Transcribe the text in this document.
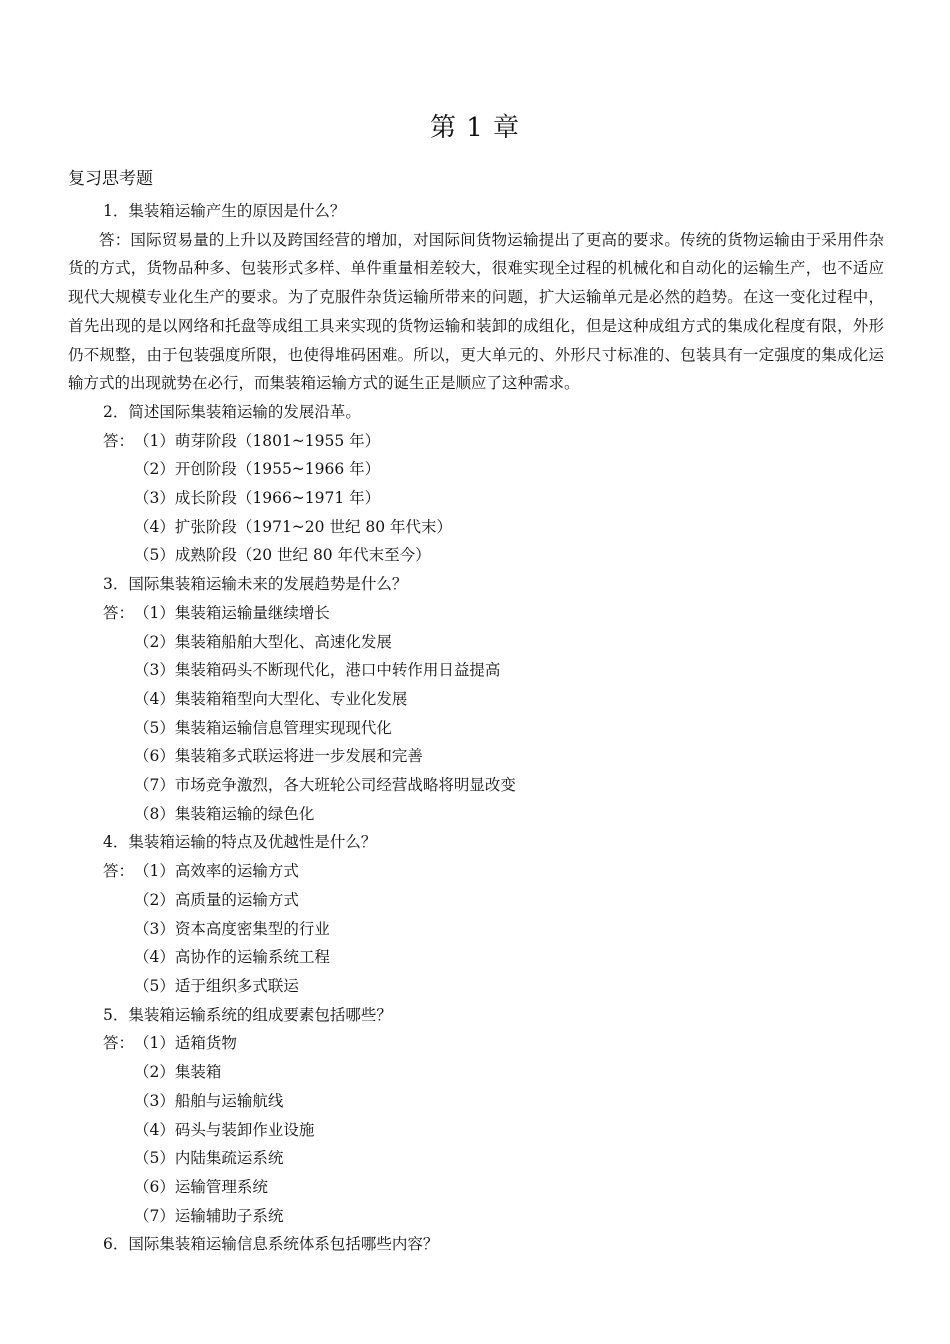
第 1 章
复习思考题
1．集装箱运输产生的原因是什么？

答：国际贸易量的上升以及跨国经营的增加，对国际间货物运输提出了更高的要求。传统的货物运输由于采用件杂货的方式，货物品种多、包装形式多样、单件重量相差较大，很难实现全过程的机械化和自动化的运输生产，也不适应现代大规模专业化生产的要求。为了克服件杂货运输所带来的问题，扩大运输单元是必然的趋势。在这一变化过程中，首先出现的是以网络和托盘等成组工具来实现的货物运输和装卸的成组化，但是这种成组方式的集成化程度有限，外形仍不规整，由于包装强度所限，也使得堆码困难。所以，更大单元的、外形尺寸标准的、包装具有一定强度的集成化运输方式的出现就势在必行，而集装箱运输方式的诞生正是顺应了这种需求。

2．简述国际集装箱运输的发展沿革。
答：（1）萌芽阶段（1801~1955 年）
（2）开创阶段（1955~1966 年）
（3）成长阶段（1966~1971 年）
（4）扩张阶段（1971~20 世纪 80 年代末）
（5）成熟阶段（20 世纪 80 年代末至今）
3．国际集装箱运输未来的发展趋势是什么？
答：（1）集装箱运输量继续增长
（2）集装箱船舶大型化、高速化发展
（3）集装箱码头不断现代化，港口中转作用日益提高
（4）集装箱箱型向大型化、专业化发展
（5）集装箱运输信息管理实现现代化
（6）集装箱多式联运将进一步发展和完善
（7）市场竞争激烈，各大班轮公司经营战略将明显改变
（8）集装箱运输的绿色化
4．集装箱运输的特点及优越性是什么？
答：（1）高效率的运输方式
（2）高质量的运输方式
（3）资本高度密集型的行业
（4）高协作的运输系统工程
（5）适于组织多式联运
5．集装箱运输系统的组成要素包括哪些？
答：（1）适箱货物
（2）集装箱
（3）船舶与运输航线
（4）码头与装卸作业设施
（5）内陆集疏运系统
（6）运输管理系统
（7）运输辅助子系统
6．国际集装箱运输信息系统体系包括哪些内容？
